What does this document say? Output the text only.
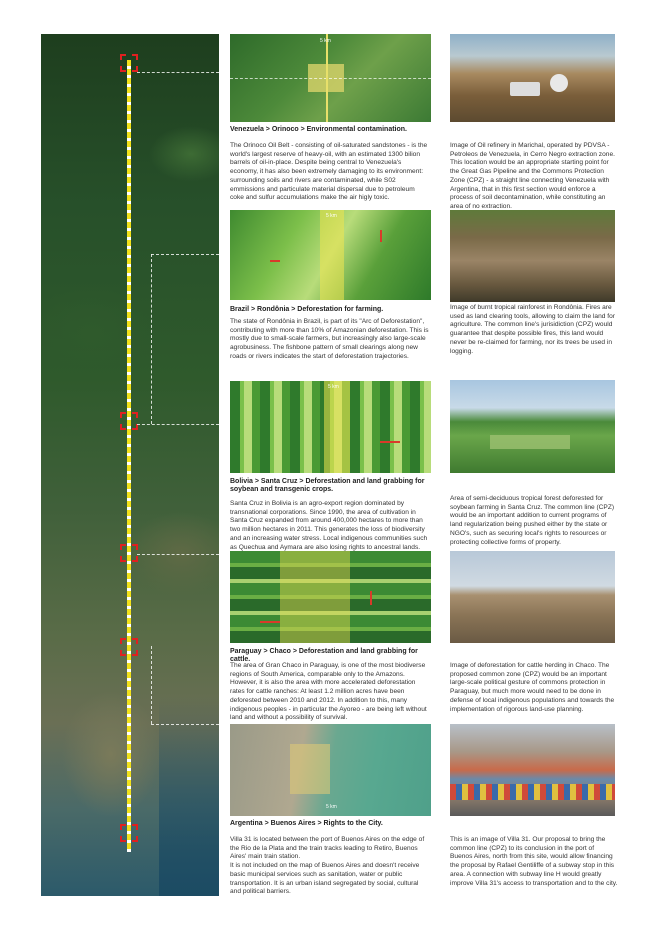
5 km
Venezuela > Orinoco > Environmental contamination.
The Orinoco Oil Belt - consisting of oil-saturated sandstones - is the world's largest reserve of heavy-oil, with an estimated 1300 bilion barrels of oil-in-place. Despite being central to Venezuela's economy, it has also been extremely damaging to its environment: surrounding soils and rivers are contaminated, while S02 emmissions and particulate material dispersal due to petroleum coke and sulfur accumulations make the air higly toxic.
Image of Oil refinery in Marichal, operated by PDVSA - Petroleos de Venezuela, in Cerro Negro extraction zone. This location would be an appropriate starting point for the Great Gas Pipeline and the Commons Protection Zone (CPZ) - a straight line connecting Venezuela with Argentina, that in this first section would enforce a process of soil decontamination, while constituting an area of no extraction.
5 km
Brazil > Rondônia > Deforestation for farming.
The state of Rondônia in Brazil, is part of its "Arc of Deforestation", contributing with more than 10% of Amazonian deforestation. This is mostly due to small-scale farmers, but increasingly also large-scale agrobusiness. The fishbone pattern of small clearings along new roads or rivers indicates the start of deforestation trajectories.
Image of burnt tropical rainforest in Rondônia. Fires are used as land clearing tools, allowing to claim the land for agriculture. The common line's jurisidiction (CPZ) would guarantee that despite possible fires, this land would never be re-claimed for farming, nor its trees be used in logging.
5 km
Bolivia > Santa Cruz > Deforestation and land grabbing for soybean and transgenic crops.
Santa Cruz in Bolivia is an agro-export region dominated by transnational corporations. Since 1990, the area of cultivation in Santa Cruz expanded from around 400,000 hectares to more than two million hectares in 2011. This generates the loss of biodiversity and an increasing water stress. Local indigenous communities such as Quechua and Aymara are also losing rights to ancestral lands.
Area of semi-deciduous tropical forest deforested for soybean farming in Santa Cruz. The common line (CPZ) would be an important addition to current programs of land regularization being pushed either by the state or NGO's, such as securing local's rights to resources or protecting collective forms of property.
Paraguay > Chaco > Deforestation and land grabbing for cattle.
The area of Gran Chaco in Paraguay, is one of the most biodiverse regions of South America, comparable only to the Amazons. However, it is also the area with more accelerated deforestation rates for cattle ranches: At least 1.2 million acres have been deforested between 2010 and 2012. In addition to this, many indigenous peoples - in particular the Ayoreo - are being left without land and without a possibility of survival.
Image of deforestation for cattle herding in Chaco. The proposed common zone (CPZ) would be an important large-scale political gesture of commons protection in Paraguay, but much more would need to be done in defense of local indigenous populations and towards the implementation of rigorous land-use planning.
5 km
Argentina > Buenos Aires > Rights to the City.
Villa 31 is located between the port of Buenos Aires on the edge of the Rio de la Plata and the train tracks leading to Retiro, Buenos Aires' main train station.
It is not included on the map of Buenos Aires and doesn't receive basic municipal services such as sanitation, water or public transportation. It is an urban island segregated by social, cultural and political barriers.
This is an image of Villa 31. Our proposal to bring the common line (CPZ) to its conclusion in the port of Buenos Aires, north from this site, would allow financing the proposal by Rafael Gentiliffe of a subway stop in this area. A connection with subway line H would greatly improve Villa 31's access to transportation and to the city.
